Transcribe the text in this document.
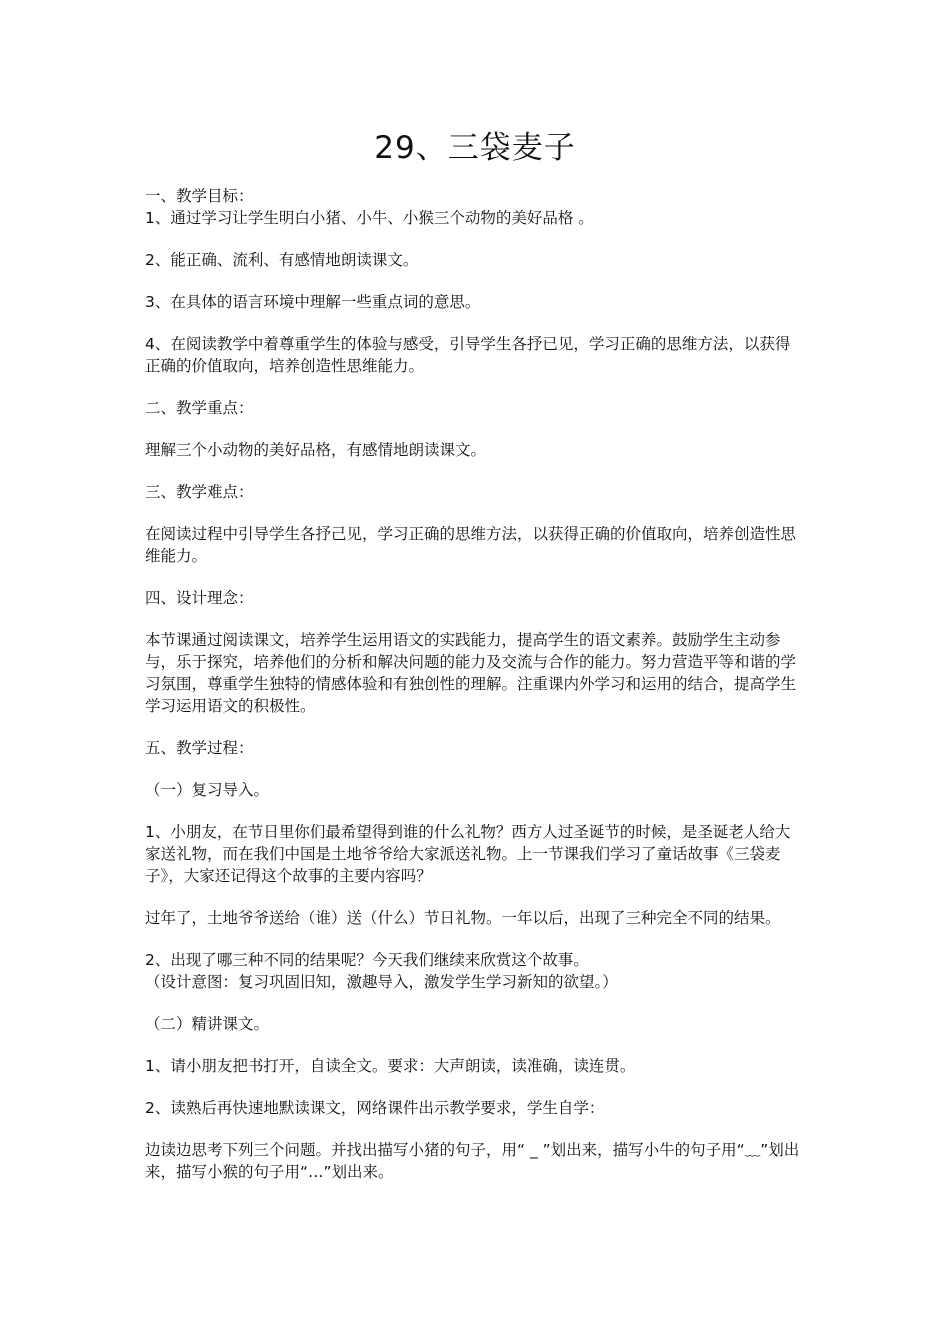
29、三袋麦子

一、教学目标：

1、通过学习让学生明白小猪、小牛、小猴三个动物的美好品格 。

2、能正确、流利、有感情地朗读课文。

3、在具体的语言环境中理解一些重点词的意思。

4、在阅读教学中着尊重学生的体验与感受，引导学生各抒已见，学习正确的思维方法，以获得正确的价值取向，培养创造性思维能力。

二、教学重点：

理解三个小动物的美好品格，有感情地朗读课文。

三、教学难点：

在阅读过程中引导学生各抒己见，学习正确的思维方法，以获得正确的价值取向，培养创造性思维能力。

四、设计理念：

本节课通过阅读课文，培养学生运用语文的实践能力，提高学生的语文素养。鼓励学生主动参与，乐于探究，培养他们的分析和解决问题的能力及交流与合作的能力。努力营造平等和谐的学习氛围，尊重学生独特的情感体验和有独创性的理解。注重课内外学习和运用的结合，提高学生学习运用语文的积极性。

五、教学过程：

（一）复习导入。

1、小朋友，在节日里你们最希望得到谁的什么礼物？西方人过圣诞节的时候，是圣诞老人给大家送礼物，而在我们中国是土地爷爷给大家派送礼物。上一节课我们学习了童话故事《三袋麦子》，大家还记得这个故事的主要内容吗？

过年了，土地爷爷送给（谁）送（什么）节日礼物。一年以后，出现了三种完全不同的结果。

2、出现了哪三种不同的结果呢？今天我们继续来欣赏这个故事。

（设计意图：复习巩固旧知，激趣导入，激发学生学习新知的欲望。）

（二）精讲课文。

1、请小朋友把书打开，自读全文。要求：大声朗读，读准确，读连贯。

2、读熟后再快速地默读课文，网络课件出示教学要求，学生自学：

边读边思考下列三个问题。并找出描写小猪的句子，用“ _ ”划出来，描写小牛的句子用“﹏”划出来，描写小猴的句子用“…”划出来。
